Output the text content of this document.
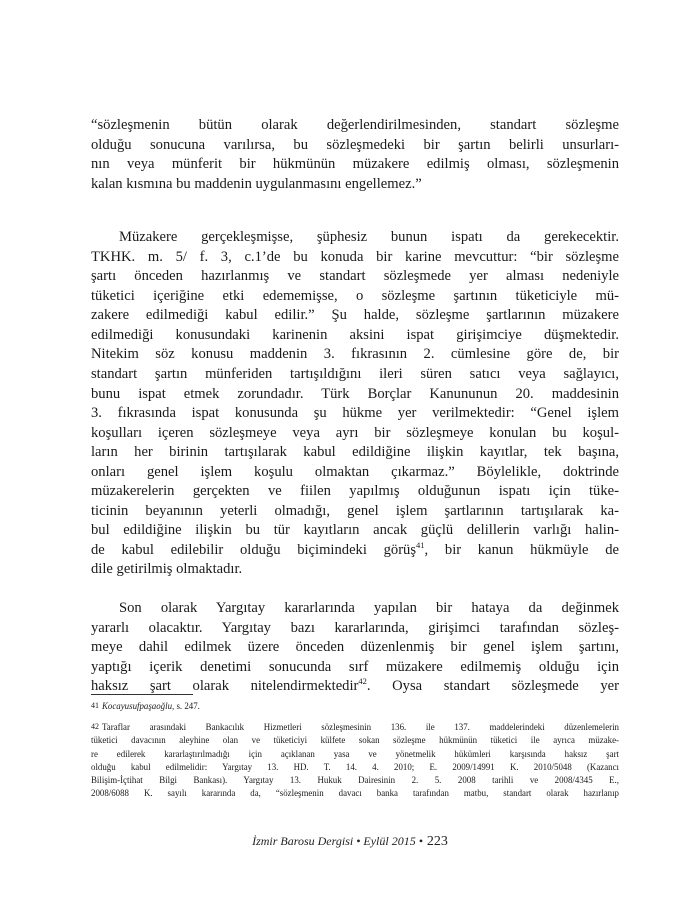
“sözleşmenin bütün olarak değerlendirilmesinden, standart sözleşme
olduğu sonucuna varılırsa, bu sözleşmedeki bir şartın belirli unsurları-
nın veya münferit bir hükmünün müzakere edilmiş olması, sözleşmenin
kalan kısmına bu maddenin uygulanmasını engellemez.”

Müzakere gerçekleşmişse, şüphesiz bunun ispatı da gerekecektir.
TKHK. m. 5/ f. 3, c.1’de bu konuda bir karine mevcuttur: “bir sözleşme
şartı önceden hazırlanmış ve standart sözleşmede yer alması nedeniyle
tüketici içeriğine etki edememişse, o sözleşme şartının tüketiciyle mü-
zakere edilmediği kabul edilir.” Şu halde, sözleşme şartlarının müzakere
edilmediği konusundaki karinenin aksini ispat girişimciye düşmektedir.
Nitekim söz konusu maddenin 3. fıkrasının 2. cümlesine göre de, bir
standart şartın münferiden tartışıldığını ileri süren satıcı veya sağlayıcı,
bunu ispat etmek zorundadır. Türk Borçlar Kanununun 20. maddesinin
3. fıkrasında ispat konusunda şu hükme yer verilmektedir: “Genel işlem
koşulları içeren sözleşmeye veya ayrı bir sözleşmeye konulan bu koşul-
ların her birinin tartışılarak kabul edildiğine ilişkin kayıtlar, tek başına,
onları genel işlem koşulu olmaktan çıkarmaz.” Böylelikle, doktrinde
müzakerelerin gerçekten ve fiilen yapılmış olduğunun ispatı için tüke-
ticinin beyanının yeterli olmadığı, genel işlem şartlarının tartışılarak ka-
bul edildiğine ilişkin bu tür kayıtların ancak güçlü delillerin varlığı halin-
de kabul edilebilir olduğu biçimindeki görüş$^{41}$, bir kanun hükmüyle de
dile getirilmiş olmaktadır.

Son olarak Yargıtay kararlarında yapılan bir hataya da değinmek
yararlı olacaktır. Yargıtay bazı kararlarında, girişimci tarafından sözleş-
meye dahil edilmek üzere önceden düzenlenmiş bir genel işlem şartını,
yaptığı içerik denetimi sonucunda sırf müzakere edilmemiş olduğu için
haksız şart olarak nitelendirmektedir$^{42}$. Oysa standart sözleşmede yer

41 Kocayusufpaşaoğlu, s. 247.

42 Taraflar arasındaki Bankacılık Hizmetleri sözleşmesinin 136. ile 137. maddelerindeki düzenlemelerin
tüketici davacının aleyhine olan ve tüketiciyi külfete sokan sözleşme hükmünün tüketici ile ayrıca müzake-
re edilerek kararlaştırılmadığı için açıklanan yasa ve yönetmelik hükümleri karşısında haksız şart
olduğu kabul edilmelidir: Yargıtay 13. HD. T. 14. 4. 2010; E. 2009/14991 K. 2010/5048 (Kazancı
Bilişim-İçtihat Bilgi Bankası). Yargıtay 13. Hukuk Dairesinin 2. 5. 2008 tarihli ve 2008/4345 E.,
2008/6088 K. sayılı kararında da, “sözleşmenin davacı banka tarafından matbu, standart olarak hazırlanıp

İzmir Barosu Dergisi • Eylül 2015 • 223
